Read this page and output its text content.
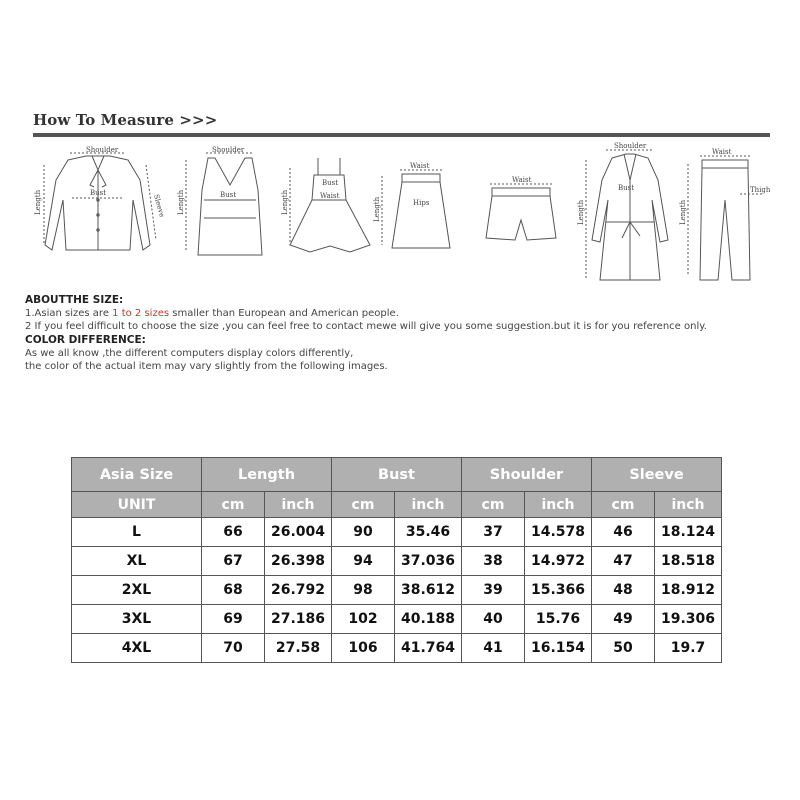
How To Measure >>>
Shoulder
Bust
Length	Sleeve
Shoulder
Bust
Length
Bust
Waist
Length
Waist
Hips
Length
Waist
Shoulder
Bust
Length
Waist
Thigh
Length
ABOUTTHE SIZE:
1.Asian sizes are 1 to 2 sizes smaller than European and American people.
2 If you feel difficult to choose the size ,you can feel free to contact mewe will give you some suggestion.but it is for you reference only.
COLOR DIFFERENCE:
As we all know ,the different computers display colors differently,
the color of the actual item may vary slightly from the following images.
Asia Size	Length		Bust		Shoulder		Sleeve	
UNIT	cm	inch	cm	inch	cm	inch	cm	inch
L	66	26.004	90	35.46	37	14.578	46	18.124
XL	67	26.398	94	37.036	38	14.972	47	18.518
2XL	68	26.792	98	38.612	39	15.366	48	18.912
3XL	69	27.186	102	40.188	40	15.76	49	19.306
4XL	70	27.58	106	41.764	41	16.154	50	19.7
